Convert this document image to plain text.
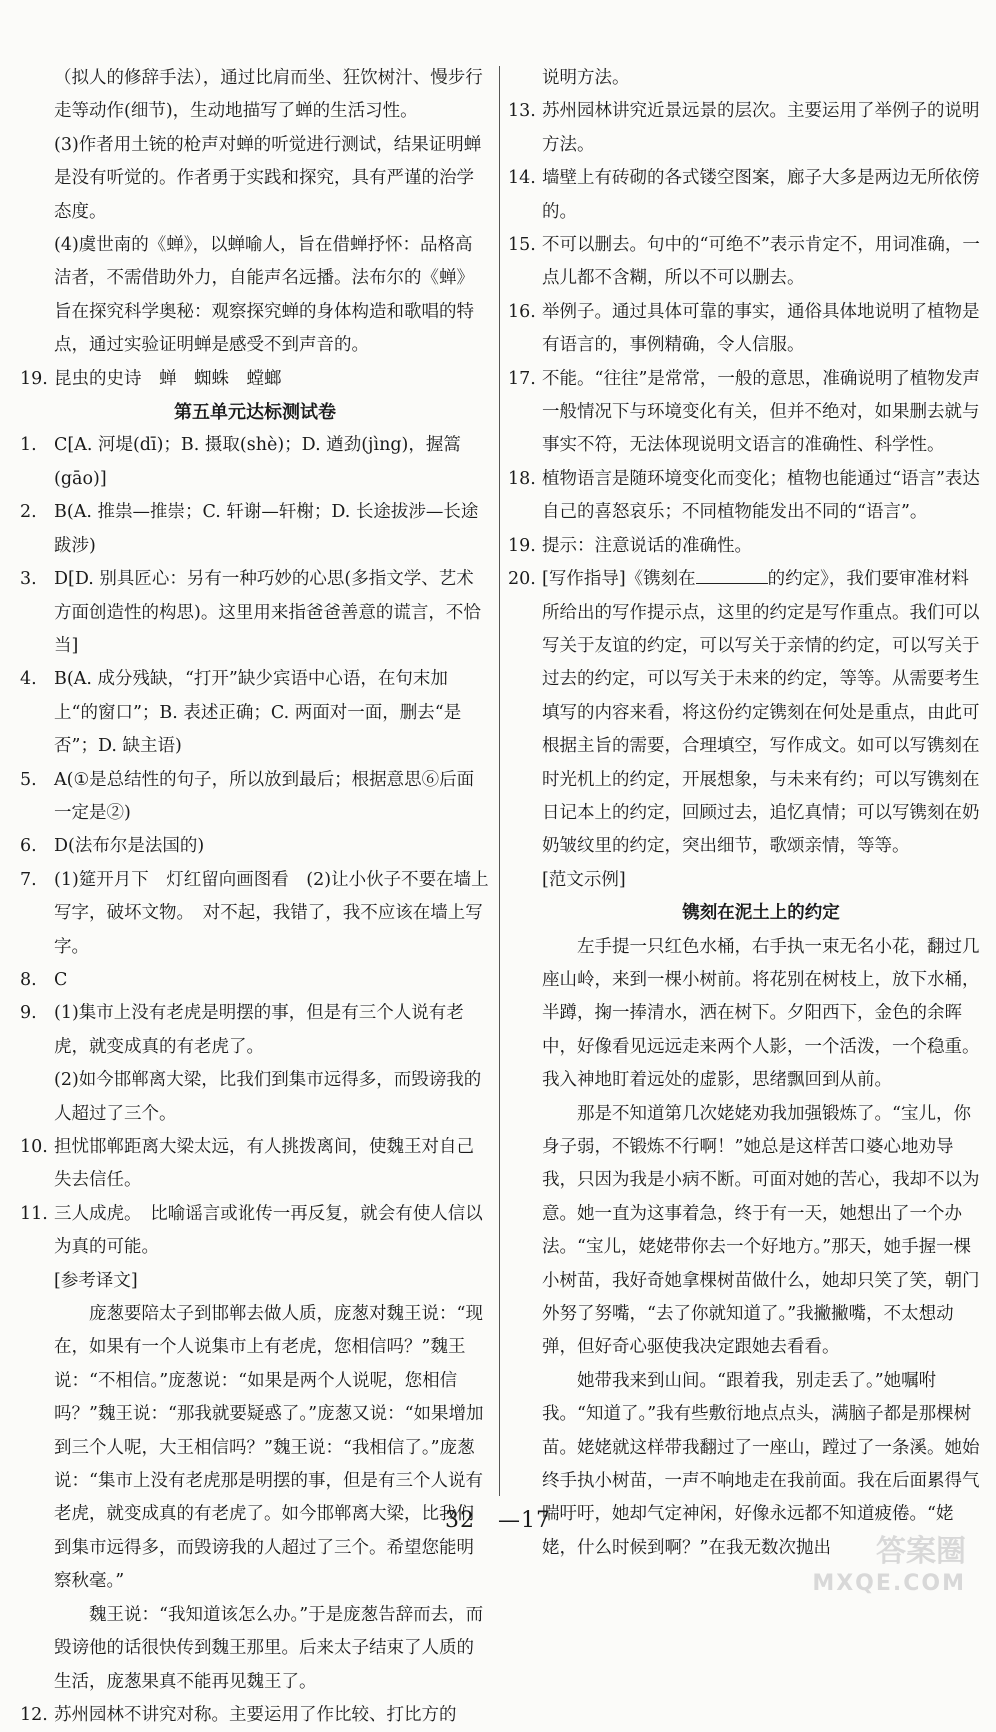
（拟人的修辞手法），通过比肩而坐、狂饮树汁、慢步行走等动作(细节)，生动地描写了蝉的生活习性。

(3)作者用土铳的枪声对蝉的听觉进行测试，结果证明蝉是没有听觉的。作者勇于实践和探究，具有严谨的治学态度。

(4)虞世南的《蝉》，以蝉喻人，旨在借蝉抒怀：品格高洁者，不需借助外力，自能声名远播。法布尔的《蝉》旨在探究科学奥秘：观察探究蝉的身体构造和歌唱的特点，通过实验证明蝉是感受不到声音的。

19. 昆虫的史诗　蝉　蜘蛛　螳螂

第五单元达标测试卷

1. C[A. 河堤(dī)；B. 摄取(shè)；D. 遒劲(jìng)，握篙(gāo)]
2. B(A. 推祟—推崇；C. 轩谢—轩榭；D. 长途拔涉—长途跋涉)
3. D[D. 别具匠心：另有一种巧妙的心思(多指文学、艺术方面创造性的构思)。这里用来指爸爸善意的谎言，不恰当]
4. B(A. 成分残缺，“打开”缺少宾语中心语，在句末加上“的窗口”；B. 表述正确；C. 两面对一面，删去“是否”；D. 缺主语)
5. A(①是总结性的句子，所以放到最后；根据意思⑥后面一定是②)
6. D(法布尔是法国的)
7. (1)筵开月下　灯红留向画图看　(2)让小伙子不要在墙上写字，破坏文物。　对不起，我错了，我不应该在墙上写字。
8. C
9. (1)集市上没有老虎是明摆的事，但是有三个人说有老虎，就变成真的有老虎了。

(2)如今邯郸离大梁，比我们到集市远得多，而毁谤我的人超过了三个。

10. 担忧邯郸距离大梁太远，有人挑拨离间，使魏王对自己失去信任。
11. 三人成虎。　比喻谣言或讹传一再反复，就会有使人信以为真的可能。

[参考译文]

庞葱要陪太子到邯郸去做人质，庞葱对魏王说：“现在，如果有一个人说集市上有老虎，您相信吗？”魏王说：“不相信。”庞葱说：“如果是两个人说呢，您相信吗？”魏王说：“那我就要疑惑了。”庞葱又说：“如果增加到三个人呢，大王相信吗？”魏王说：“我相信了。”庞葱说：“集市上没有老虎那是明摆的事，但是有三个人说有老虎，就变成真的有老虎了。如今邯郸离大梁，比我们到集市远得多，而毁谤我的人超过了三个。希望您能明察秋毫。”

魏王说：“我知道该怎么办。”于是庞葱告辞而去，而毁谤他的话很快传到魏王那里。后来太子结束了人质的生活，庞葱果真不能再见魏王了。

12. 苏州园林不讲究对称。主要运用了作比较、打比方的

说明方法。

13. 苏州园林讲究近景远景的层次。主要运用了举例子的说明方法。
14. 墙壁上有砖砌的各式镂空图案，廊子大多是两边无所依傍的。
15. 不可以删去。句中的“可绝不”表示肯定不，用词准确，一点儿都不含糊，所以不可以删去。
16. 举例子。通过具体可靠的事实，通俗具体地说明了植物是有语言的，事例精确，令人信服。
17. 不能。“往往”是常常，一般的意思，准确说明了植物发声一般情况下与环境变化有关，但并不绝对，如果删去就与事实不符，无法体现说明文语言的准确性、科学性。
18. 植物语言是随环境变化而变化；植物也能通过“语言”表达自己的喜怒哀乐；不同植物能发出不同的“语言”。
19. 提示：注意说话的准确性。
20. [写作指导]《镌刻在	的约定》，我们要审准材料所给出的写作提示点，这里的约定是写作重点。我们可以写关于友谊的约定，可以写关于亲情的约定，可以写关于过去的约定，可以写关于未来的约定，等等。从需要考生填写的内容来看，将这份约定镌刻在何处是重点，由此可根据主旨的需要，合理填空，写作成文。如可以写镌刻在时光机上的约定，开展想象，与未来有约；可以写镌刻在日记本上的约定，回顾过去，追忆真情；可以写镌刻在奶奶皱纹里的约定，突出细节，歌颂亲情，等等。

[范文示例]

镌刻在泥土上的约定

左手提一只红色水桶，右手执一束无名小花，翻过几座山岭，来到一棵小树前。将花别在树枝上，放下水桶，半蹲，掬一捧清水，洒在树下。夕阳西下，金色的余晖中，好像看见远远走来两个人影，一个活泼，一个稳重。我入神地盯着远处的虚影，思绪飘回到从前。

那是不知道第几次姥姥劝我加强锻炼了。“宝儿，你身子弱，不锻炼不行啊！”她总是这样苦口婆心地劝导我，只因为我是小病不断。可面对她的苦心，我却不以为意。她一直为这事着急，终于有一天，她想出了一个办法。“宝儿，姥姥带你去一个好地方。”那天，她手握一棵小树苗，我好奇她拿棵树苗做什么，她却只笑了笑，朝门外努了努嘴，“去了你就知道了。”我撇撇嘴，不太想动弹，但好奇心驱使我决定跟她去看看。

她带我来到山间。“跟着我，别走丢了。”她嘱咐我。“知道了。”我有些敷衍地点点头，满脑子都是那棵树苗。姥姥就这样带我翻过了一座山，蹚过了一条溪。她始终手执小树苗，一声不响地走在我前面。我在后面累得气喘吁吁，她却气定神闲，好像永远都不知道疲倦。“姥姥，什么时候到啊？”在我无数次抛出

32　—17
答案圈
MXQE.COM
